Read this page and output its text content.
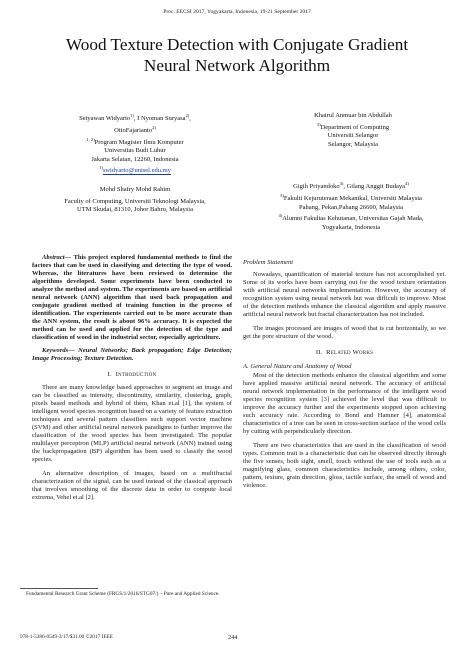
Proc. EECSI 2017, Yogyakarta, Indonesia, 19-21 September 2017
Wood Texture Detection with Conjugate Gradient
Neural Network Algorithm
Setyawan Widyarto$^{1)}$, I Nyoman Suryasa$^{2)}$,
OttoFajarianto$^{2)}$
$^{1, 2)}$Program Magister Ilmu Komputer
Universitas Budi Luhur
Jakarta Selatan, 12260, Indonesia
$^{1)}$swidyarto@unisel.edu.my
Khairul Anmuar bin Abdullah
$^{3)}$Department of Computing
Universiti Selangor
Selangor, Malaysia
Mohd Shafry Mohd Rahim
Faculty of Computing, Universiti Teknologi Malaysia,
UTM Skudai, 81310, Johor Bahru, Malaysia
Gigih Priyandoko$^{3)}$, Gilang Anggit Budaya$^{4)}$
$^{3)}$Fakulti Kejuruteraan Mekanikal, Universiti Malaysia
Pahang, Pekan,Pahang 26600, Malaysia
$^{4)}$Alumni Fakultas Kehutanan, Universitas Gajah Mada,
Yogyakarta, Indonesia

Abstract— This project explored fundamental methods to find the factors that can be used in classifying and detecting the type of wood. Whereas, the literatures have been reviewed to determine the algorithms developed. Some experiments have been conducted to analyze the method and system. The experiments are based on artificial neural network (ANN) algorithm that used back propagation and conjugate gradient method of training function in the process of identification. The experiments carried out to be more accurate than the ANN system, the result is about 96% accuracy. It is expected the method can be used and applied for the detection of the type and classification of wood in the industrial sector, especially agriculture.

Keywords— Neural Networks; Back propagation; Edge Detection; Image Processing; Texture Detection.

I. Introduction

There are many knowledge based approaches to segment an image and can be classified as intensity, discontinuity, similarity, clustering, graph, pixels based methods and hybrid of them, Khan et.al [1], the system of intelligent wood species recognition based on a variety of feature extraction techniques and several pattern classifiers such support vector machine (SVM) and other artificial neural network paradigms to further improve the classification of the wood species has been investigated. The popular multilayer perceptron (MLP) artificial neural network (ANN) trained using the backpropagation (BP) algorithm has been used to classify the wood species.

An alternative description of images, based on a multifractal characterization of the signal, can be used instead of the classical approach that involves smoothing of the discrete data in order to compute local extrema, Vehel et.al [2].

Problem Statement

Nowadays, quantification of material texture has not accomplished yet. Some of its works have been carrying out for the wood texture orientation with artificial neural networks implementation. However, the accuracy of recognition system using neural network but was difficult to improve. Most of the detection methods enhance the classical algorithm and apply massive artificial neural network but fractal characterization has not included.

The images processed are images of wood that is cut horizontally, so we get the pore structure of the wood.

II. Related Works
A. General Nature and Anatomy of Wood

Most of the detection methods enhance the classical algorithm and some have applied massive artificial neural network. The accuracy of artificial neural network implementation in the performance of the intelligent wood species recognition system [3] achieved the level that was difficult to improve the accuracy further and the experiments stopped upon achieving such accuracy rate. According to Bond and Hamner [4], anatomical characteristics of a tree can be seen in cross-section surface of the wood cells by cutting with perpendicularly direction.

There are two characteristics that are used in the classification of wood types. Common trait is a characteristic that can be observed directly through the five senses, both sight, smell, touch without the use of tools such as a magnifying glass, common characteristics include, among others, color, pattern, texture, grain direction, gloss, tactile surface, the smell of wood and violence.

Fundamental Research Grant Scheme (FRGS/1/2016/STG07/) – Pure and Applied Science.
978-1-5386-0549-3/17/$31.00 ©2017 IEEE	244
